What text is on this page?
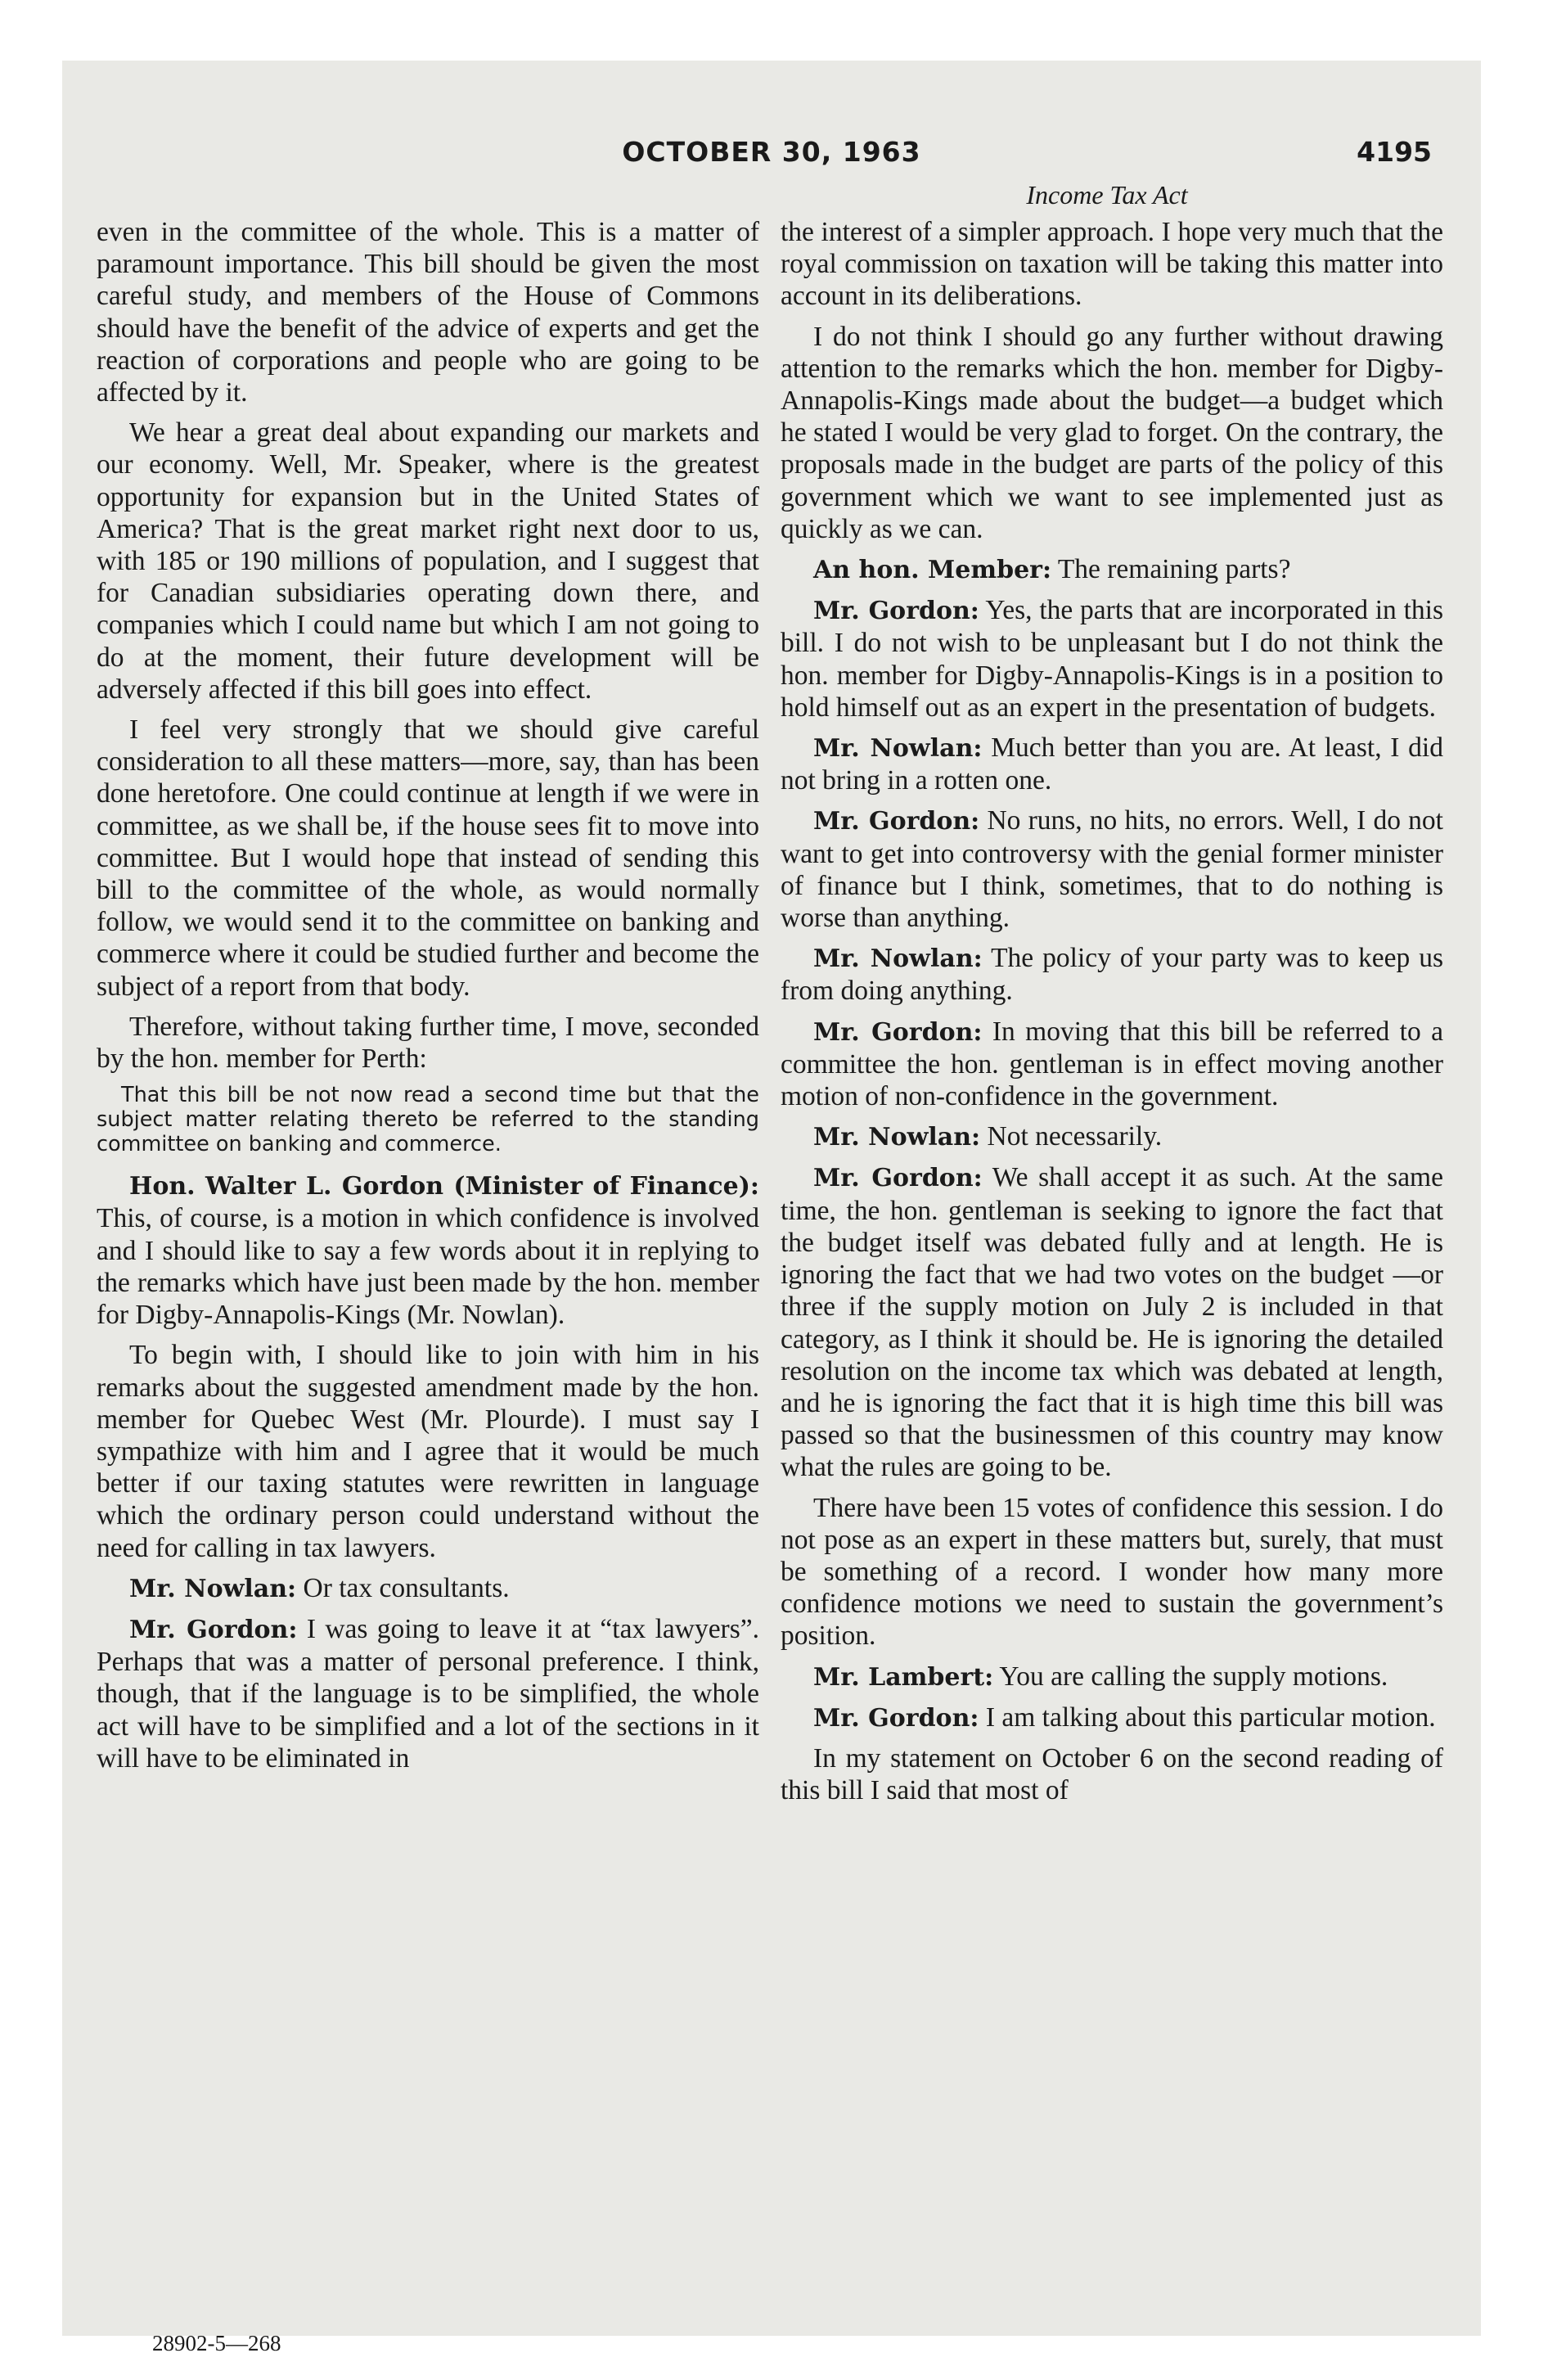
OCTOBER 30, 1963	4195
Income Tax Act

even in the committee of the whole. This is a matter of paramount importance. This bill should be given the most careful study, and members of the House of Commons should have the benefit of the advice of experts and get the reaction of corporations and people who are going to be affected by it.

We hear a great deal about expanding our markets and our economy. Well, Mr. Speaker, where is the greatest opportunity for expansion but in the United States of America? That is the great market right next door to us, with 185 or 190 millions of population, and I suggest that for Canadian subsidiaries operating down there, and companies which I could name but which I am not going to do at the moment, their future development will be adversely affected if this bill goes into effect.

I feel very strongly that we should give careful consideration to all these matters—more, say, than has been done heretofore. One could continue at length if we were in committee, as we shall be, if the house sees fit to move into committee. But I would hope that instead of sending this bill to the committee of the whole, as would normally follow, we would send it to the committee on banking and commerce where it could be studied further and become the subject of a report from that body.

Therefore, without taking further time, I move, seconded by the hon. member for Perth:

That this bill be not now read a second time but that the subject matter relating thereto be referred to the standing committee on banking and commerce.

Hon. Walter L. Gordon (Minister of Finance): This, of course, is a motion in which confidence is involved and I should like to say a few words about it in replying to the remarks which have just been made by the hon. member for Digby-Annapolis-Kings (Mr. Nowlan).

To begin with, I should like to join with him in his remarks about the suggested amendment made by the hon. member for Quebec West (Mr. Plourde). I must say I sympathize with him and I agree that it would be much better if our taxing statutes were rewritten in language which the ordinary person could understand without the need for calling in tax lawyers.

Mr. Nowlan: Or tax consultants.

Mr. Gordon: I was going to leave it at “tax lawyers”. Perhaps that was a matter of personal preference. I think, though, that if the language is to be simplified, the whole act will have to be simplified and a lot of the sections in it will have to be eliminated in

the interest of a simpler approach. I hope very much that the royal commission on taxation will be taking this matter into account in its deliberations.

I do not think I should go any further without drawing attention to the remarks which the hon. member for Digby-Annapolis-Kings made about the budget—a budget which he stated I would be very glad to forget. On the contrary, the proposals made in the budget are parts of the policy of this government which we want to see implemented just as quickly as we can.

An hon. Member: The remaining parts?

Mr. Gordon: Yes, the parts that are incorporated in this bill. I do not wish to be unpleasant but I do not think the hon. member for Digby-Annapolis-Kings is in a position to hold himself out as an expert in the presentation of budgets.

Mr. Nowlan: Much better than you are. At least, I did not bring in a rotten one.

Mr. Gordon: No runs, no hits, no errors. Well, I do not want to get into controversy with the genial former minister of finance but I think, sometimes, that to do nothing is worse than anything.

Mr. Nowlan: The policy of your party was to keep us from doing anything.

Mr. Gordon: In moving that this bill be referred to a committee the hon. gentleman is in effect moving another motion of non-confidence in the government.

Mr. Nowlan: Not necessarily.

Mr. Gordon: We shall accept it as such. At the same time, the hon. gentleman is seeking to ignore the fact that the budget itself was debated fully and at length. He is ignoring the fact that we had two votes on the budget —or three if the supply motion on July 2 is included in that category, as I think it should be. He is ignoring the detailed resolution on the income tax which was debated at length, and he is ignoring the fact that it is high time this bill was passed so that the businessmen of this country may know what the rules are going to be.

There have been 15 votes of confidence this session. I do not pose as an expert in these matters but, surely, that must be something of a record. I wonder how many more confidence motions we need to sustain the government’s position.

Mr. Lambert: You are calling the supply motions.

Mr. Gordon: I am talking about this particular motion.

In my statement on October 6 on the second reading of this bill I said that most of

28902-5—268
